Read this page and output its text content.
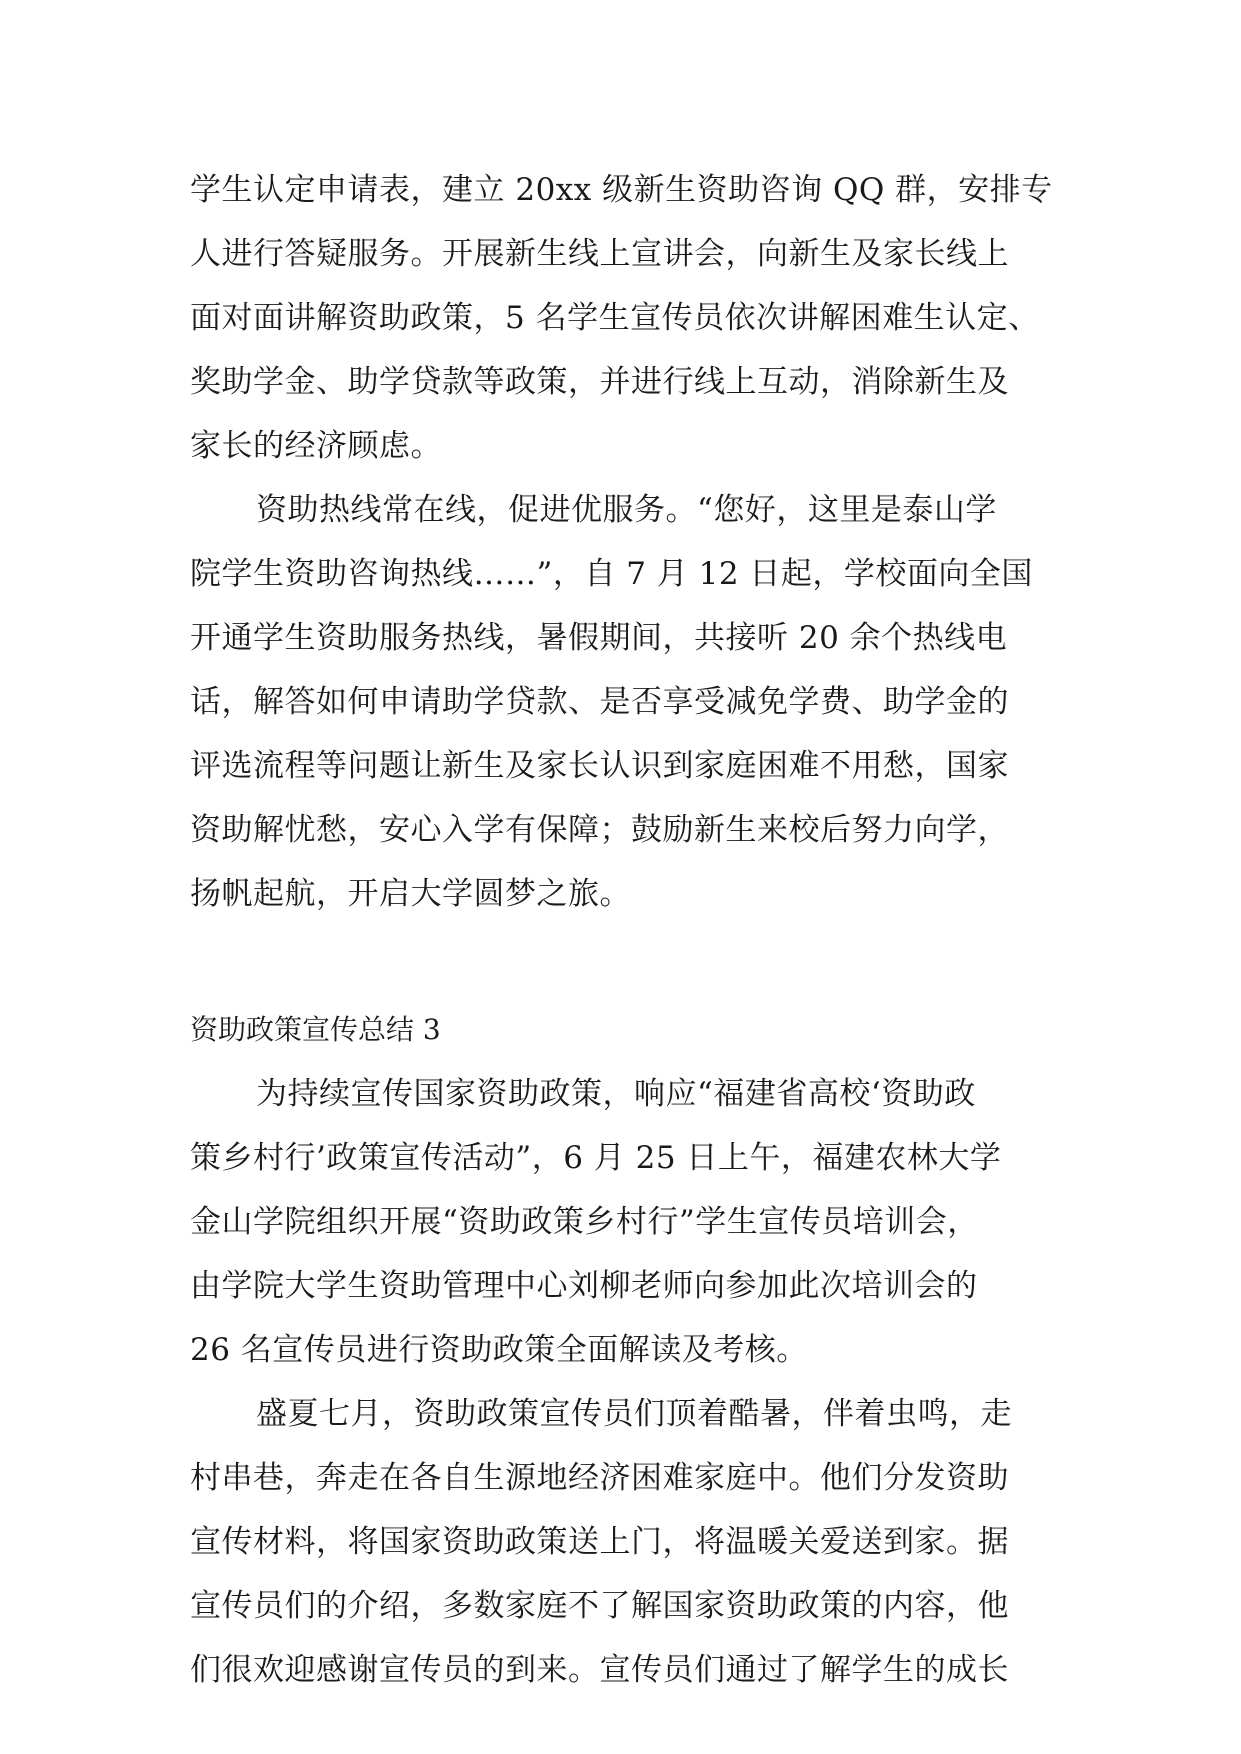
学生认定申请表，建立 20xx 级新生资助咨询 QQ 群，安排专
人进行答疑服务。开展新生线上宣讲会，向新生及家长线上
面对面讲解资助政策，5 名学生宣传员依次讲解困难生认定、
奖助学金、助学贷款等政策，并进行线上互动，消除新生及
家长的经济顾虑。
资助热线常在线，促进优服务。“您好，这里是泰山学
院学生资助咨询热线……”，自 7 月 12 日起，学校面向全国
开通学生资助服务热线，暑假期间，共接听 20 余个热线电
话，解答如何申请助学贷款、是否享受减免学费、助学金的
评选流程等问题让新生及家长认识到家庭困难不用愁，国家
资助解忧愁，安心入学有保障；鼓励新生来校后努力向学，
扬帆起航，开启大学圆梦之旅。
资助政策宣传总结 3
为持续宣传国家资助政策，响应“福建省高校‘资助政
策乡村行’政策宣传活动”，6 月 25 日上午，福建农林大学
金山学院组织开展“资助政策乡村行”学生宣传员培训会，
由学院大学生资助管理中心刘柳老师向参加此次培训会的
26 名宣传员进行资助政策全面解读及考核。
盛夏七月，资助政策宣传员们顶着酷暑，伴着虫鸣，走
村串巷，奔走在各自生源地经济困难家庭中。他们分发资助
宣传材料，将国家资助政策送上门，将温暖关爱送到家。据
宣传员们的介绍，多数家庭不了解国家资助政策的内容，他
们很欢迎感谢宣传员的到来。宣传员们通过了解学生的成长
